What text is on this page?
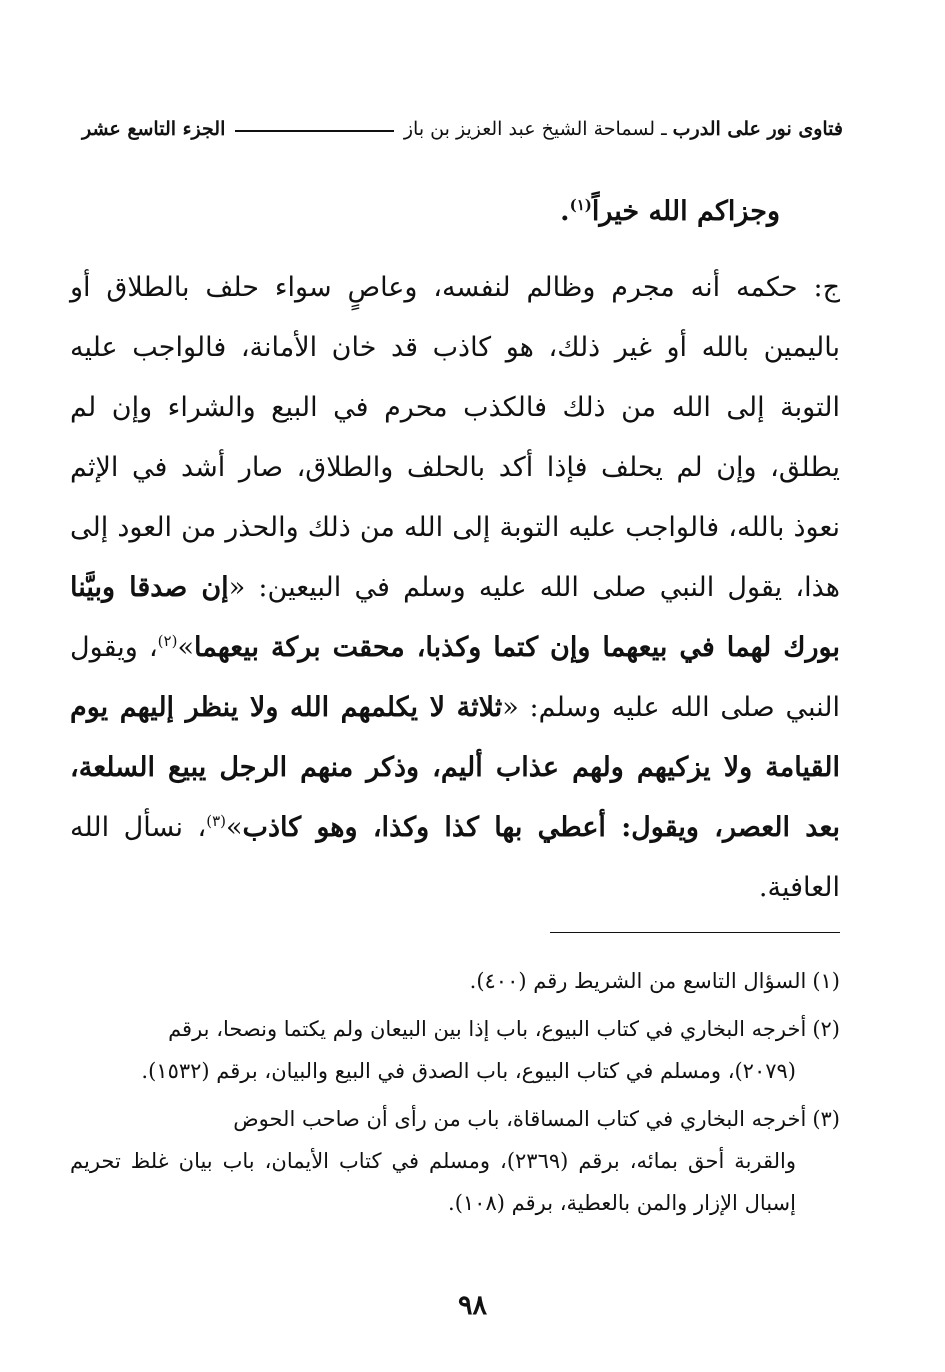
فتاوى نور على الدرب
ـ
لسماحة الشيخ عبد العزيز بن باز
الجزء التاسع عشر

وجزاكم الله خيراً$^{(١)}$.

ج: حكمه أنه مجرم وظالم لنفسه، وعاصٍ سواء حلف بالطلاق أو باليمين بالله أو غير ذلك، هو كاذب قد خان الأمانة، فالواجب عليه التوبة إلى الله من ذلك فالكذب محرم في البيع والشراء وإن لم يطلق، وإن لم يحلف فإذا أكد بالحلف والطلاق، صار أشد في الإثم نعوذ بالله، فالواجب عليه التوبة إلى الله من ذلك والحذر من العود إلى هذا، يقول النبي صلى الله عليه وسلم في البيعين: «إن صدقا وبيَّنا بورك لهما في بيعهما وإن كتما وكذبا، محقت بركة بيعهما»$^{(٢)}$، ويقول النبي صلى الله عليه وسلم: «ثلاثة لا يكلمهم الله ولا ينظر إليهم يوم القيامة ولا يزكيهم ولهم عذاب أليم، وذكر منهم الرجل يبيع السلعة، بعد العصر، ويقول: أعطي بها كذا وكذا، وهو كاذب»$^{(٣)}$، نسأل الله العافية.

(١)السؤال التاسع من الشريط رقم (٤٠٠).

(٢)أخرجه البخاري في كتاب البيوع، باب إذا بين البيعان ولم يكتما ونصحا، برقم
(٢٠٧٩)، ومسلم في كتاب البيوع، باب الصدق في البيع والبيان، برقم (١٥٣٢).

(٣)أخرجه البخاري في كتاب المساقاة، باب من رأى أن صاحب الحوض
والقربة أحق بمائه، برقم (٢٣٦٩)، ومسلم في كتاب الأيمان، باب بيان غلظ تحريم إسبال الإزار والمن بالعطية، برقم (١٠٨).

٩٨
